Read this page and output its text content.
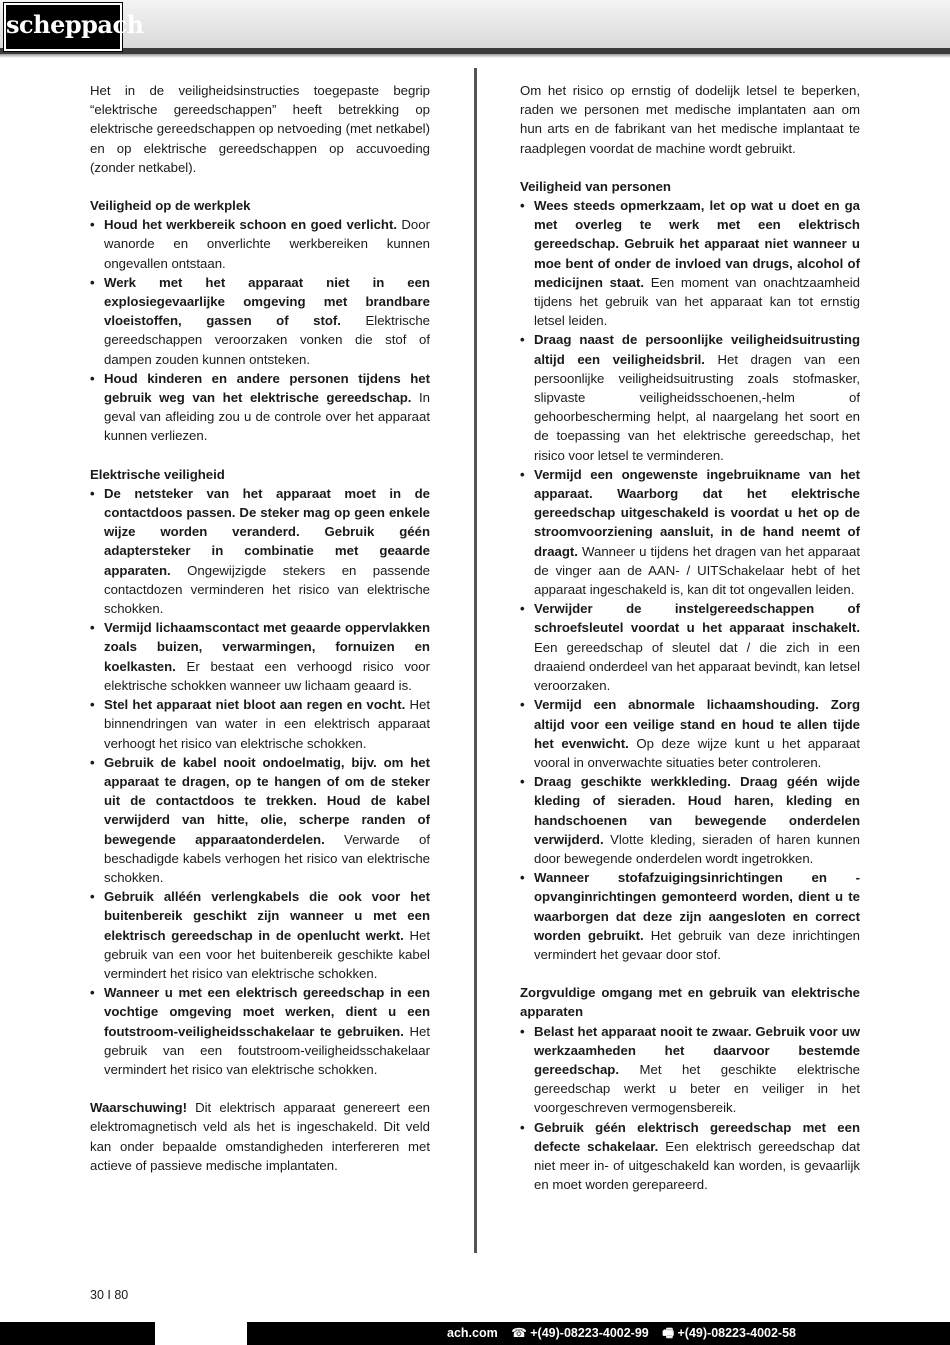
scheppach

Het in de veiligheidsinstructies toegepaste begrip “elektrische gereedschappen” heeft betrekking op elektrische gereedschappen op netvoeding (met netkabel) en op elektrische gereedschappen op accuvoeding (zonder netkabel).

Veiligheid op de werkplek

• Houd het werkbereik schoon en goed verlicht. Door wanorde en onverlichte werkbereiken kunnen ongevallen ontstaan.
• Werk met het apparaat niet in een explosiegevaarlijke omgeving met brandbare vloeistoffen, gassen of stof. Elektrische gereedschappen veroorzaken vonken die stof of dampen zouden kunnen ontsteken.
• Houd kinderen en andere personen tijdens het gebruik weg van het elektrische gereedschap. In geval van afleiding zou u de controle over het apparaat kunnen verliezen.

Elektrische veiligheid

• De netsteker van het apparaat moet in de contactdoos passen. De steker mag op geen enkele wijze worden veranderd. Gebruik géén adaptersteker in combinatie met geaarde apparaten. Ongewijzigde stekers en passende contactdozen verminderen het risico van elektrische schokken.
• Vermijd lichaamscontact met geaarde oppervlakken zoals buizen, verwarmingen, fornuizen en koelkasten. Er bestaat een verhoogd risico voor elektrische schokken wanneer uw lichaam geaard is.
• Stel het apparaat niet bloot aan regen en vocht. Het binnendringen van water in een elektrisch apparaat verhoogt het risico van elektrische schokken.
• Gebruik de kabel nooit ondoelmatig, bijv. om het apparaat te dragen, op te hangen of om de steker uit de contactdoos te trekken. Houd de kabel verwijderd van hitte, olie, scherpe randen of bewegende apparaatonderdelen. Verwarde of beschadigde kabels verhogen het risico van elektrische schokken.
• Gebruik alléén verlengkabels die ook voor het buitenbereik geschikt zijn wanneer u met een elektrisch gereedschap in de openlucht werkt. Het gebruik van een voor het buitenbereik geschikte kabel vermindert het risico van elektrische schokken.
• Wanneer u met een elektrisch gereedschap in een vochtige omgeving moet werken, dient u een foutstroom-veiligheidsschakelaar te gebruiken. Het gebruik van een foutstroom-veiligheidsschakelaar vermindert het risico van elektrische schokken.

Waarschuwing! Dit elektrisch apparaat genereert een elektromagnetisch veld als het is ingeschakeld. Dit veld kan onder bepaalde omstandigheden interfereren met actieve of passieve medische implantaten.

Om het risico op ernstig of dodelijk letsel te beperken, raden we personen met medische implantaten aan om hun arts en de fabrikant van het medische implantaat te raadplegen voordat de machine wordt gebruikt.

Veiligheid van personen

• Wees steeds opmerkzaam, let op wat u doet en ga met overleg te werk met een elektrisch gereedschap. Gebruik het apparaat niet wanneer u moe bent of onder de invloed van drugs, alcohol of medicijnen staat. Een moment van onachtzaamheid tijdens het gebruik van het apparaat kan tot ernstig letsel leiden.
• Draag naast de persoonlijke veiligheidsuitrusting altijd een veiligheidsbril. Het dragen van een persoonlijke veiligheidsuitrusting zoals stofmasker, slipvaste veiligheidsschoenen,-helm of gehoorbescherming helpt, al naargelang het soort en de toepassing van het elektrische gereedschap, het risico voor letsel te verminderen.
• Vermijd een ongewenste ingebruikname van het apparaat. Waarborg dat het elektrische gereedschap uitgeschakeld is voordat u het op de stroomvoorziening aansluit, in de hand neemt of draagt. Wanneer u tijdens het dragen van het apparaat de vinger aan de AAN- / UITSchakelaar hebt of het apparaat ingeschakeld is, kan dit tot ongevallen leiden.
• Verwijder de instelgereedschappen of schroefsleutel voordat u het apparaat inschakelt. Een gereedschap of sleutel dat / die zich in een draaiend onderdeel van het apparaat bevindt, kan letsel veroorzaken.
• Vermijd een abnormale lichaamshouding. Zorg altijd voor een veilige stand en houd te allen tijde het evenwicht. Op deze wijze kunt u het apparaat vooral in onverwachte situaties beter controleren.
• Draag geschikte werkkleding. Draag géén wijde kleding of sieraden. Houd haren, kleding en handschoenen van bewegende onderdelen verwijderd. Vlotte kleding, sieraden of haren kunnen door bewegende onderdelen wordt ingetrokken.
• Wanneer stofafzuigingsinrichtingen en -opvanginrichtingen gemonteerd worden, dient u te waarborgen dat deze zijn aangesloten en correct worden gebruikt. Het gebruik van deze inrichtingen vermindert het gevaar door stof.

Zorgvuldige omgang met en gebruik van elektrische apparaten

• Belast het apparaat nooit te zwaar. Gebruik voor uw werkzaamheden het daarvoor bestemde gereedschap. Met het geschikte elektrische gereedschap werkt u beter en veiliger in het voorgeschreven vermogensbereik.
• Gebruik géén elektrisch gereedschap met een defecte schakelaar. Een elektrisch gereedschap dat niet meer in- of uitgeschakeld kan worden, is gevaarlijk en moet worden gerepareerd.
30 I 80
ach.com ☎ +(49)-08223-4002-99 🖷 +(49)-08223-4002-58
